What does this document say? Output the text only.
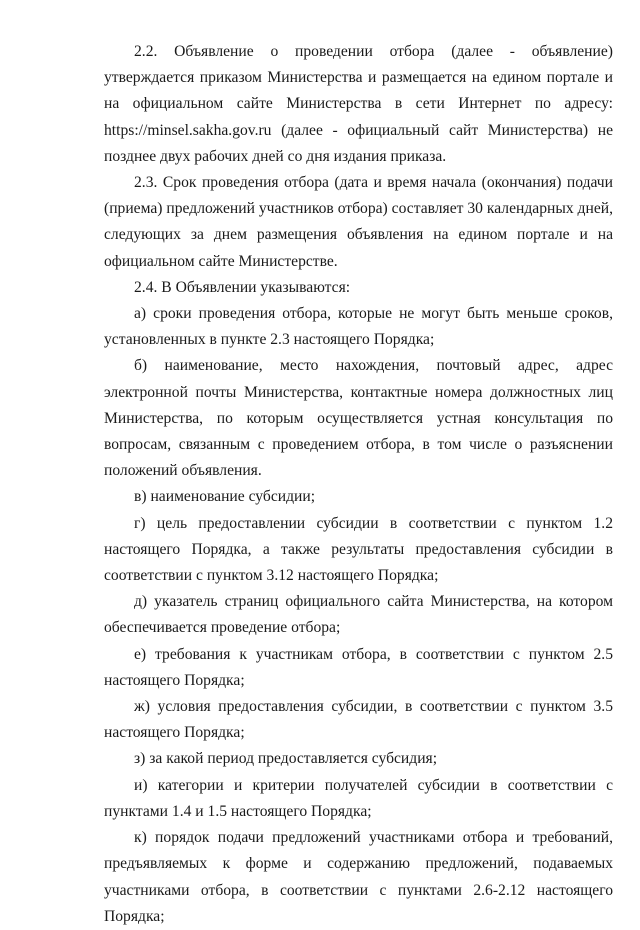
2.2. Объявление о проведении отбора (далее - объявление) утверждается приказом Министерства и размещается на едином портале и на официальном сайте Министерства в сети Интернет по адресу: https://minsel.sakha.gov.ru (далее - официальный сайт Министерства) не позднее двух рабочих дней со дня издания приказа.

2.3. Срок проведения отбора (дата и время начала (окончания) подачи (приема) предложений участников отбора) составляет 30 календарных дней, следующих за днем размещения объявления на едином портале и на официальном сайте Министерстве.

2.4. В Объявлении указываются:

а) сроки проведения отбора, которые не могут быть меньше сроков, установленных в пункте 2.3 настоящего Порядка;

б) наименование, место нахождения, почтовый адрес, адрес электронной почты Министерства, контактные номера должностных лиц Министерства, по которым осуществляется устная консультация по вопросам, связанным с проведением отбора, в том числе о разъяснении положений объявления.

в) наименование субсидии;

г) цель предоставлении субсидии в соответствии с пунктом 1.2 настоящего Порядка, а также результаты предоставления субсидии в соответствии с пунктом 3.12 настоящего Порядка;

д) указатель страниц официального сайта Министерства, на котором обеспечивается проведение отбора;

е) требования к участникам отбора, в соответствии с пунктом 2.5 настоящего Порядка;

ж) условия предоставления субсидии, в соответствии с пунктом 3.5 настоящего Порядка;

з) за какой период предоставляется субсидия;

и) категории и критерии получателей субсидии в соответствии с пунктами 1.4 и 1.5 настоящего Порядка;

к) порядок подачи предложений участниками отбора и требований, предъявляемых к форме и содержанию предложений, подаваемых участниками отбора, в соответствии с пунктами 2.6-2.12 настоящего Порядка;
